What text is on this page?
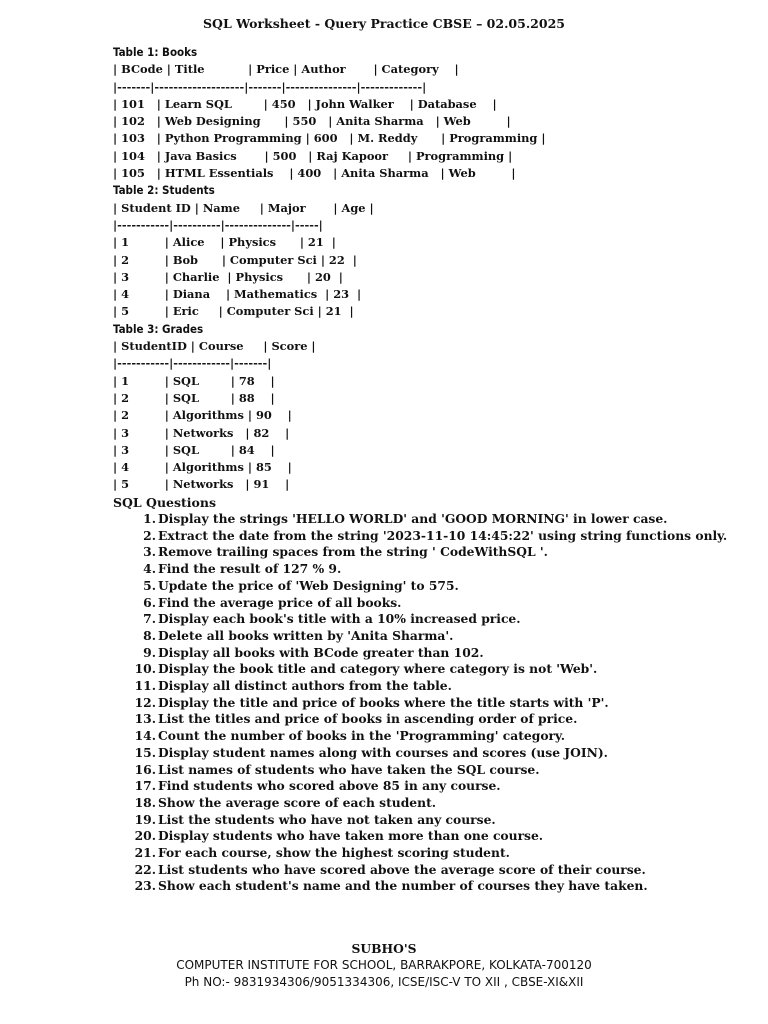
SQL Worksheet - Query Practice CBSE – 02.05.2025
Table 1: Books
| BCode | Title           | Price | Author       | Category    |
|-------|-------------------|-------|---------------|-------------|
| 101   | Learn SQL        | 450   | John Walker    | Database    |
| 102   | Web Designing      | 550   | Anita Sharma   | Web         |
| 103   | Python Programming | 600   | M. Reddy      | Programming |
| 104   | Java Basics       | 500   | Raj Kapoor     | Programming |
| 105   | HTML Essentials    | 400   | Anita Sharma   | Web         |
Table 2: Students
| Student ID | Name     | Major       | Age |
|-----------|----------|--------------|-----|
| 1         | Alice    | Physics      | 21  |
| 2         | Bob      | Computer Sci | 22  |
| 3         | Charlie  | Physics      | 20  |
| 4         | Diana    | Mathematics  | 23  |
| 5         | Eric     | Computer Sci | 21  |
Table 3: Grades
| StudentID | Course     | Score |
|-----------|------------|-------|
| 1         | SQL        | 78    |
| 2         | SQL        | 88    |
| 2         | Algorithms | 90    |
| 3         | Networks   | 82    |
| 3         | SQL        | 84    |
| 4         | Algorithms | 85    |
| 5         | Networks   | 91    |
SQL Questions
Display the strings 'HELLO WORLD' and 'GOOD MORNING' in lower case.
Extract the date from the string '2023-11-10 14:45:22' using string functions only.
Remove trailing spaces from the string ' CodeWithSQL '.
Find the result of 127 % 9.
Update the price of 'Web Designing' to 575.
Find the average price of all books.
Display each book's title with a 10% increased price.
Delete all books written by 'Anita Sharma'.
Display all books with BCode greater than 102.
Display the book title and category where category is not 'Web'.
Display all distinct authors from the table.
Display the title and price of books where the title starts with 'P'.
List the titles and price of books in ascending order of price.
Count the number of books in the 'Programming' category.
Display student names along with courses and scores (use JOIN).
List names of students who have taken the SQL course.
Find students who scored above 85 in any course.
Show the average score of each student.
List the students who have not taken any course.
Display students who have taken more than one course.
For each course, show the highest scoring student.
List students who have scored above the average score of their course.
Show each student's name and the number of courses they have taken.
SUBHO'S
COMPUTER INSTITUTE FOR SCHOOL, BARRAKPORE, KOLKATA-700120
Ph NO:- 9831934306/9051334306, ICSE/ISC-V TO XII , CBSE-XI&XII
